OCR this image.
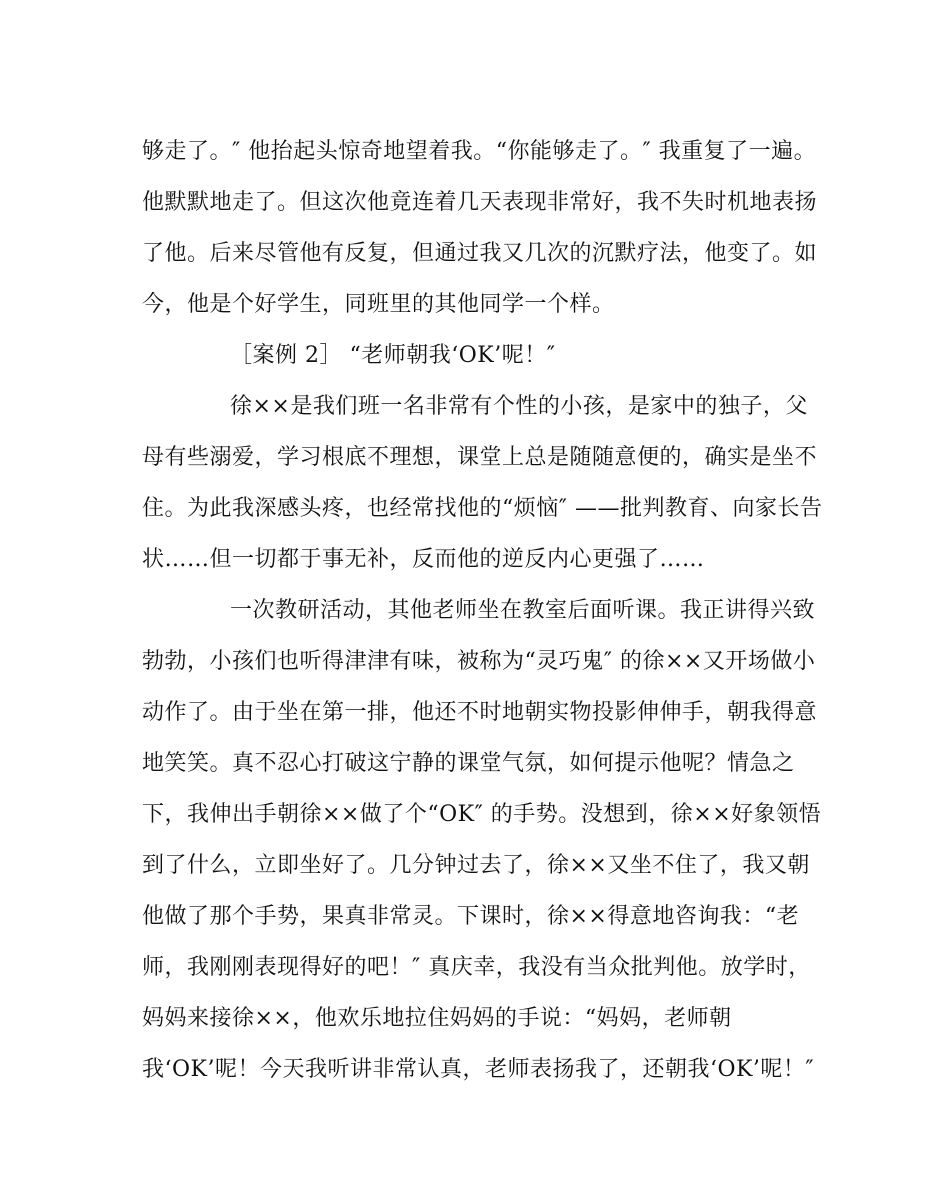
够走了。″ 他抬起头惊奇地望着我。“你能够走了。″ 我重复了一遍。
他默默地走了。但这次他竟连着几天表现非常好，我不失时机地表扬
了他。后来尽管他有反复，但通过我又几次的沉默疗法，他变了。如
今，他是个好学生，同班里的其他同学一个样。
［案例 2］ “老师朝我‘OK’呢！″
徐××是我们班一名非常有个性的小孩，是家中的独子，父
母有些溺爱，学习根底不理想，课堂上总是随随意便的，确实是坐不
住。为此我深感头疼，也经常找他的“烦恼″ ——批判教育、向家长告
状……但一切都于事无补，反而他的逆反内心更强了……
一次教研活动，其他老师坐在教室后面听课。我正讲得兴致
勃勃，小孩们也听得津津有味，被称为“灵巧鬼″ 的徐××又开场做小
动作了。由于坐在第一排，他还不时地朝实物投影伸伸手，朝我得意
地笑笑。真不忍心打破这宁静的课堂气氛，如何提示他呢？情急之
下，我伸出手朝徐××做了个“OK″ 的手势。没想到，徐××好象领悟
到了什么，立即坐好了。几分钟过去了，徐××又坐不住了，我又朝
他做了那个手势，果真非常灵。下课时，徐××得意地咨询我：“老
师，我刚刚表现得好的吧！″ 真庆幸，我没有当众批判他。放学时，
妈妈来接徐××，他欢乐地拉住妈妈的手说：“妈妈，老师朝
我‘OK’呢！今天我听讲非常认真，老师表扬我了，还朝我‘OK’呢！″
